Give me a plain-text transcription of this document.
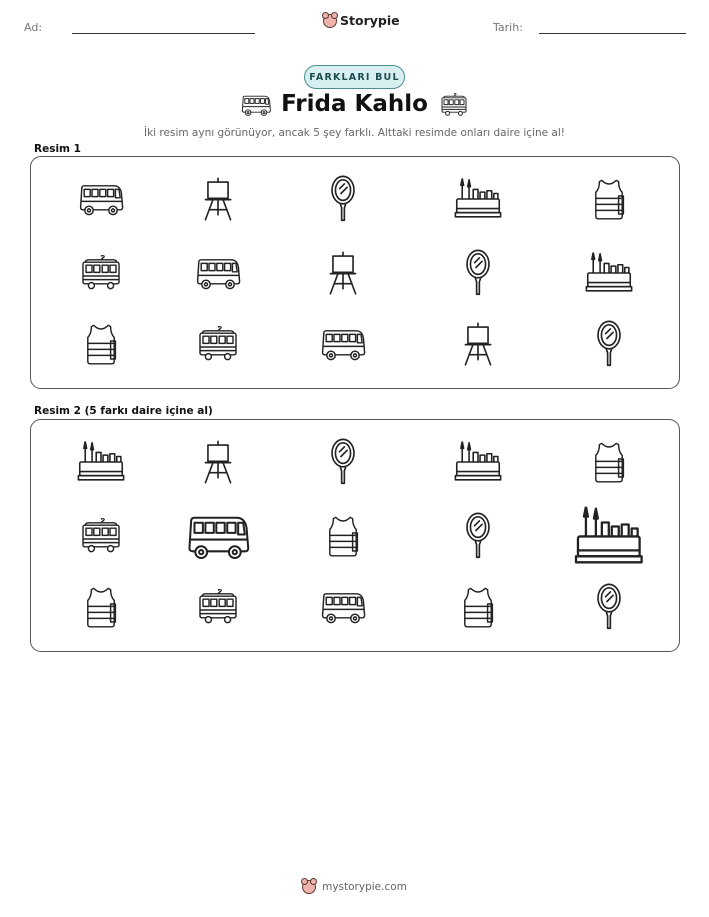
Ad:	Storypie	Tarih:
FARKLARI BUL
Frida Kahlo
İki resim aynı görünüyor, ancak 5 şey farklı. Alttaki resimde onları daire içine al!
Resim 1
Resim 2 (5 farkı daire içine al)
mystorypie.com
